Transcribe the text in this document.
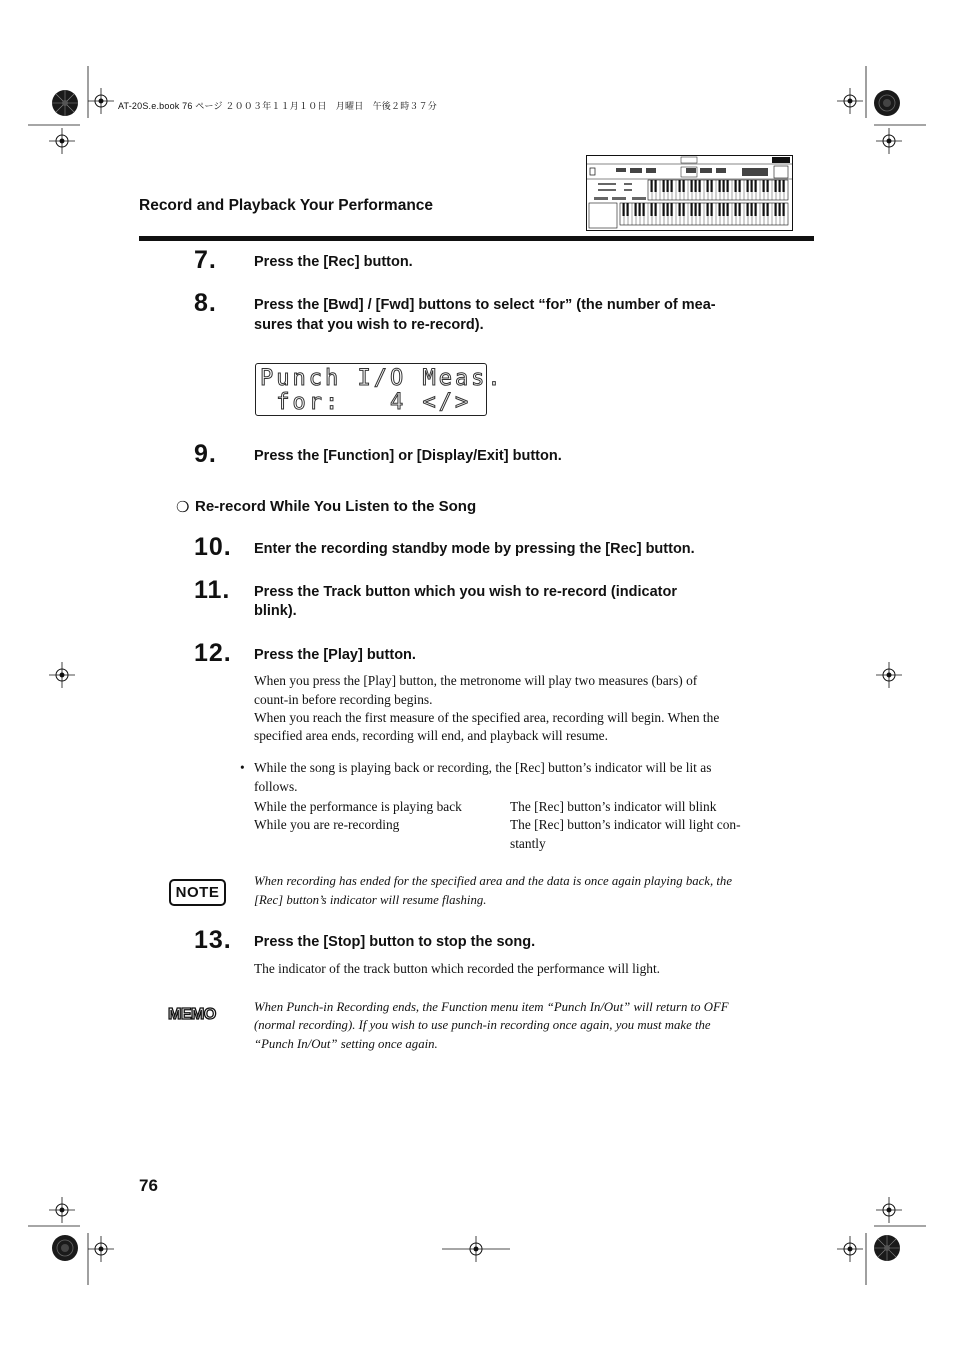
AT-20S.e.book 76 ページ ２００３年１１月１０日　月曜日　午後２時３７分
Record and Playback Your Performance
7.	Press the [Rec] button.
8.	Press the [Bwd] / [Fwd] buttons to select “for” (the number of mea-
sures that you wish to re-record).
Punch I/O Meas.
for:   4 </>
9.	Press the [Function] or [Display/Exit] button.
❍ Re-record While You Listen to the Song
10.	Enter the recording standby mode by pressing the [Rec] button.
11.	Press the Track button which you wish to re-record (indicator
blink).
12.	Press the [Play] button.
When you press the [Play] button, the metronome will play two measures (bars) of
count-in before recording begins.
When you reach the first measure of the specified area, recording will begin. When the
specified area ends, recording will end, and playback will resume.
• While the song is playing back or recording, the [Rec] button’s indicator will be lit as
follows.
While the performance is playing back	The [Rec] button’s indicator will blink
While you are re-recording	The [Rec] button’s indicator will light con-
stantly
NOTE
When recording has ended for the specified area and the data is once again playing back, the
[Rec] button’s indicator will resume flashing.
13.	Press the [Stop] button to stop the song.
The indicator of the track button which recorded the performance will light.
MEMO	When Punch-in Recording ends, the Function menu item “Punch In/Out” will return to OFF
(normal recording). If you wish to use punch-in recording once again, you must make the
“Punch In/Out” setting once again.
76
